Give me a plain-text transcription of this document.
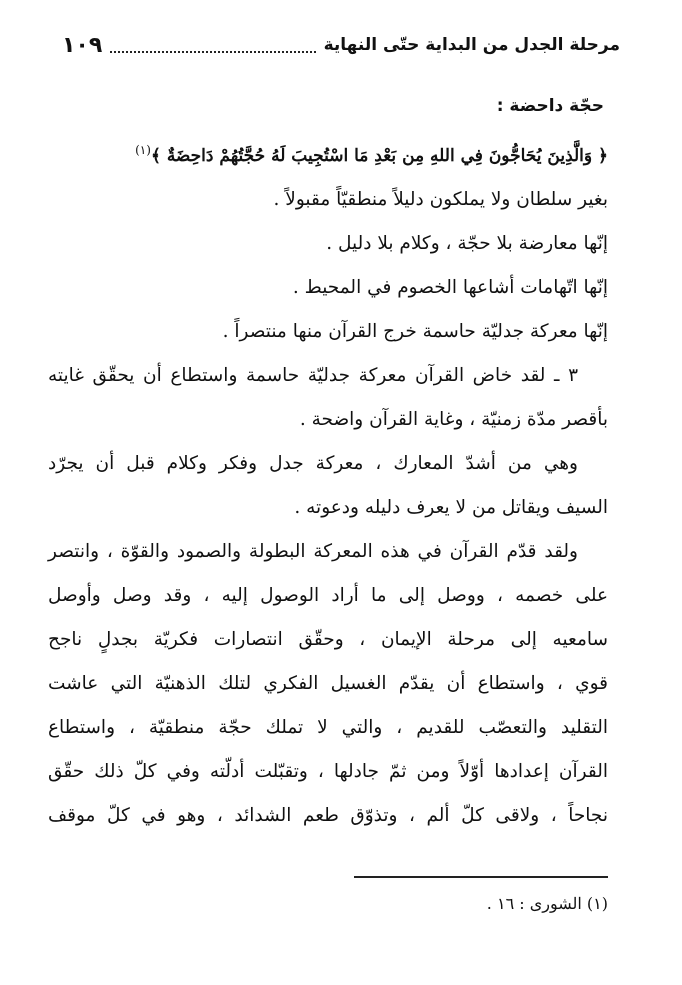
مرحلة الجدل من البداية حتّى النهاية
١٠٩
حجّة داحضة :
﴿ وَالَّذِينَ يُحَاجُّونَ فِي اللهِ مِن بَعْدِ مَا اسْتُجِيبَ لَهُ حُجَّتُهُمْ دَاحِضَةٌ ﴾$^{(١)}$
بغير سلطان ولا يملكون دليلاً منطقيّاً مقبولاً .
إنّها معارضة بلا حجّة ، وكلام بلا دليل .
إنّها اتّهامات أشاعها الخصوم في المحيط .
إنّها معركة جدليّة حاسمة خرج القرآن منها منتصراً .
٣ ـ لقد خاض القرآن معركة جدليّة حاسمة واستطاع أن يحقّق غايته
بأقصر مدّة زمنيّة ، وغاية القرآن واضحة .
وهي من أشدّ المعارك ، معركة جدل وفكر وكلام قبل أن يجرّد
السيف ويقاتل من لا يعرف دليله ودعوته .
ولقد قدّم القرآن في هذه المعركة البطولة والصمود والقوّة ، وانتصر
على خصمه ، ووصل إلى ما أراد الوصول إليه ، وقد وصل وأوصل
سامعيه إلى مرحلة الإيمان ، وحقّق انتصارات فكريّة بجدلٍ ناجح
قوي ، واستطاع أن يقدّم الغسيل الفكري لتلك الذهنيّة التي عاشت
التقليد والتعصّب للقديم ، والتي لا تملك حجّة منطقيّة ، واستطاع
القرآن إعدادها أوّلاً ومن ثمّ جادلها ، وتقبّلت أدلّته وفي كلّ ذلك حقّق
نجاحاً ، ولاقى كلّ ألم ، وتذوّق طعم الشدائد ، وهو في كلّ موقف
(١) الشورى : ١٦ .
